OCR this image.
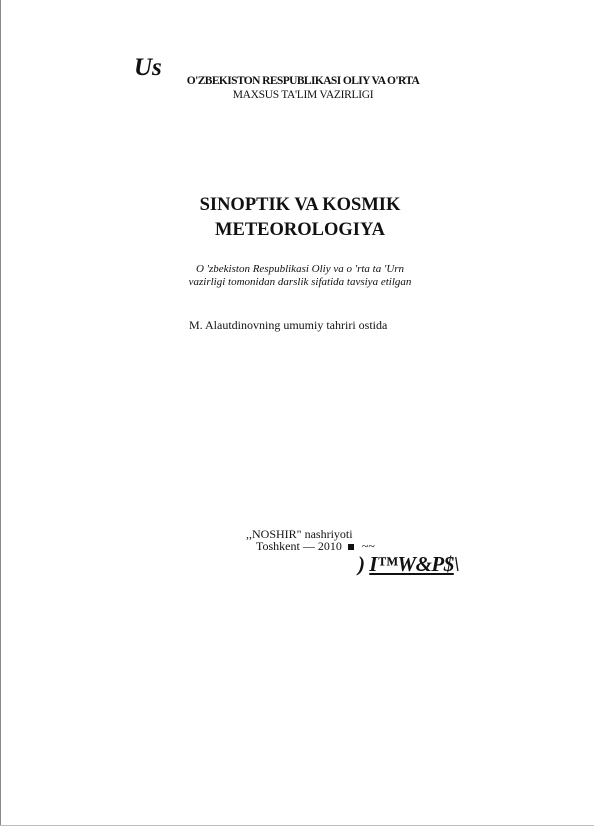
Us	O'ZBEKISTON RESPUBLIKASI OLIY VA O'RTA
MAXSUS TA'LIM VAZIRLIGI
SINOPTIK VA KOSMIK
METEOROLOGIYA
O 'zbekiston Respublikasi Oliy va o 'rta ta 'Urn
vazirligi tomonidan darslik sifatida tavsiya etilgan
M. Alautdinovning umumiy tahriri ostida
,,NOSHIR" nashriyoti
Toshkent — 2010 ~~
) I™W&P$\
